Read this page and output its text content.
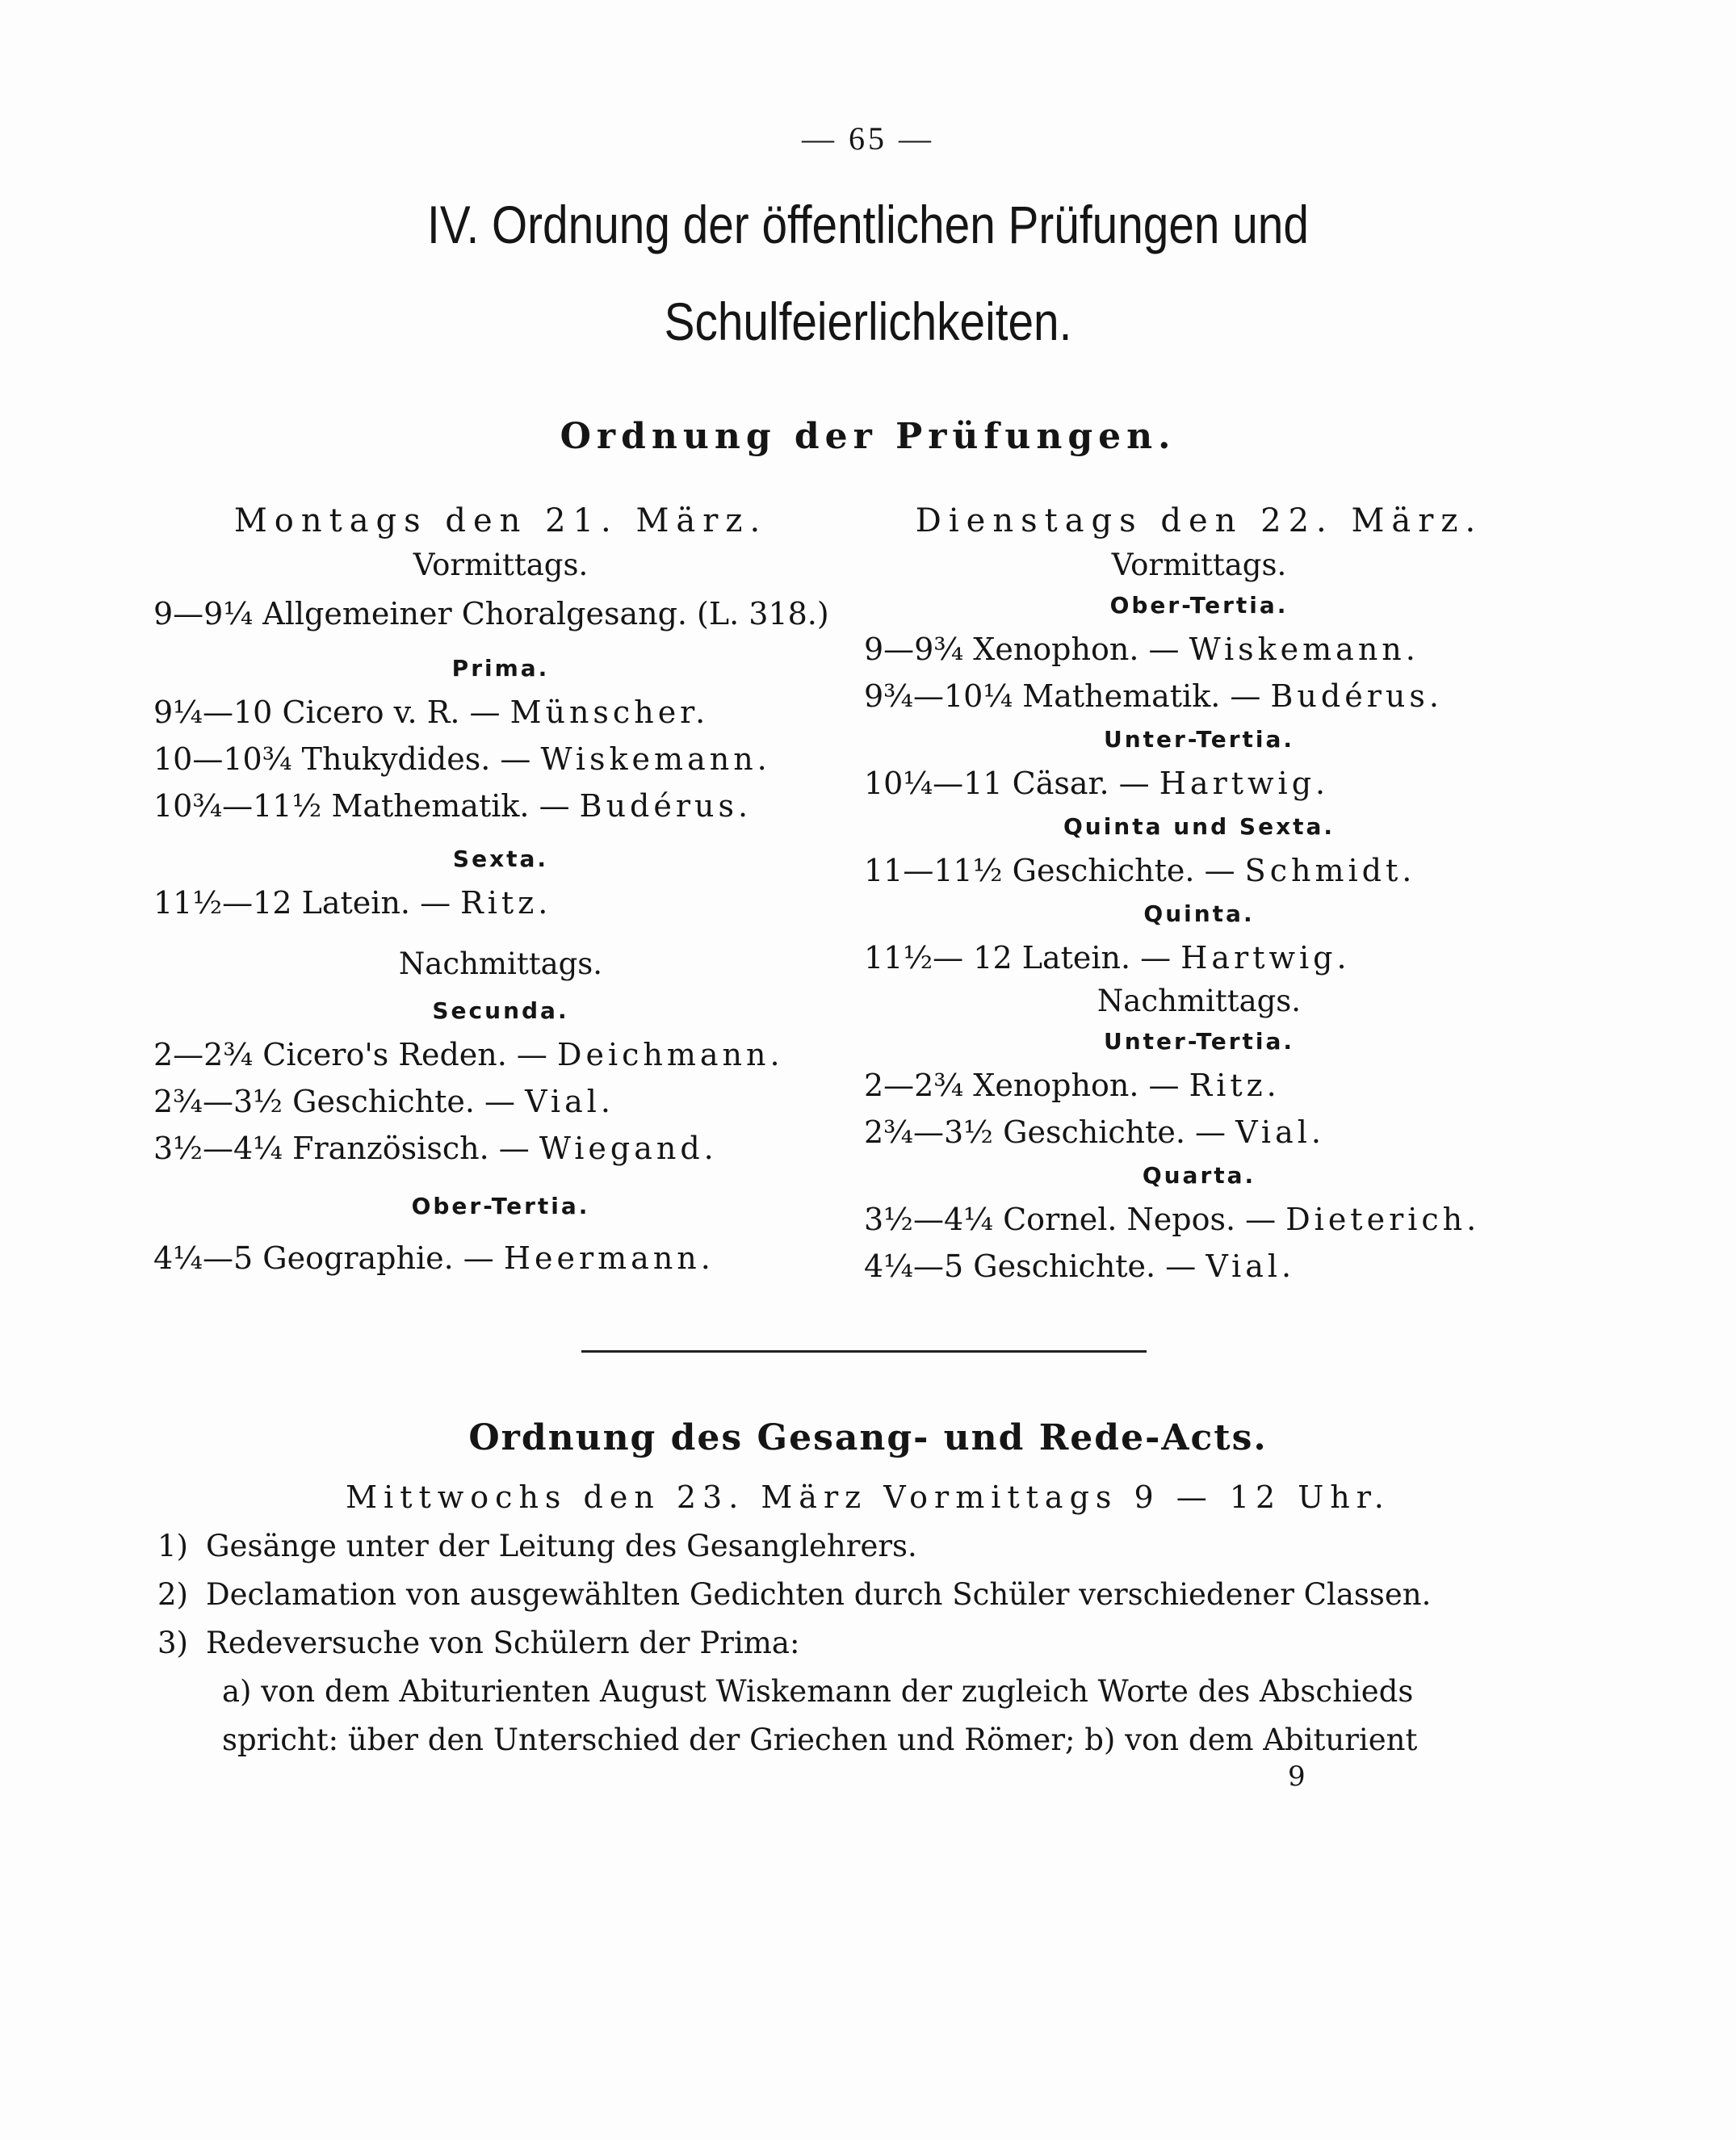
— 65 —
IV. Ordnung der öffentlichen Prüfungen und
Schulfeierlichkeiten.
Ordnung der Prüfungen.
Montags den 21. März.
Vormittags.
9—9¼ Allgemeiner Choralgesang. (L. 318.)
Prima.
9¼—10 Cicero v. R. — Münscher.
10—10¾ Thukydides. — Wiskemann.
10¾—11½ Mathematik. — Budérus.
Sexta.
11½—12 Latein. — Ritz.
Nachmittags.
Secunda.
2—2¾ Cicero's Reden. — Deichmann.
2¾—3½ Geschichte. — Vial.
3½—4¼ Französisch. — Wiegand.
Ober-Tertia.
4¼—5 Geographie. — Heermann.
Dienstags den 22. März.
Vormittags.
Ober-Tertia.
9—9¾ Xenophon. — Wiskemann.
9¾—10¼ Mathematik. — Budérus.
Unter-Tertia.
10¼—11 Cäsar. — Hartwig.
Quinta und Sexta.
11—11½ Geschichte. — Schmidt.
Quinta.
11½— 12 Latein. — Hartwig.
Nachmittags.
Unter-Tertia.
2—2¾ Xenophon. — Ritz.
2¾—3½ Geschichte. — Vial.
Quarta.
3½—4¼ Cornel. Nepos. — Dieterich.
4¼—5 Geschichte. — Vial.
Ordnung des Gesang- und Rede-Acts.
Mittwochs den 23. März Vormittags 9 — 12 Uhr.
1) Gesänge unter der Leitung des Gesanglehrers.
2) Declamation von ausgewählten Gedichten durch Schüler verschiedener Classen.
3) Redeversuche von Schülern der Prima:
a) von dem Abiturienten August Wiskemann der zugleich Worte des Abschieds
spricht: über den Unterschied der Griechen und Römer; b) von dem Abiturient
9
